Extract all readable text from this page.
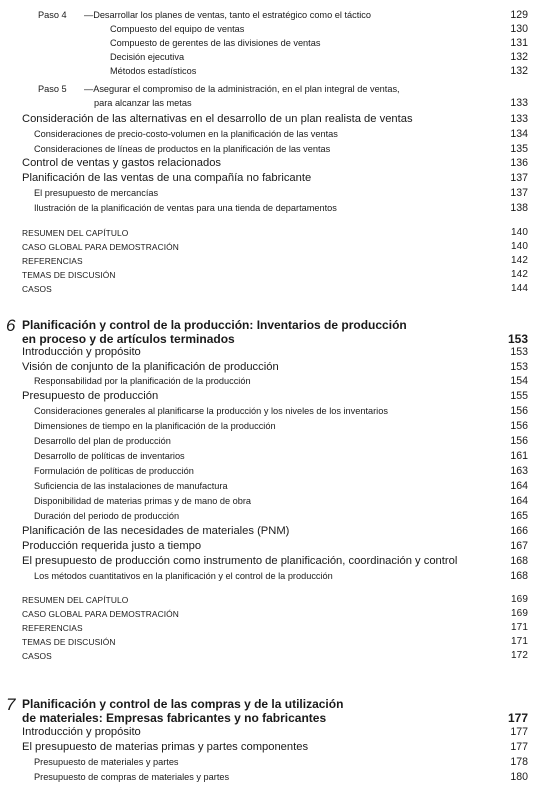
Paso 4 —Desarrollar los planes de ventas, tanto el estratégico como el táctico	129
Compuesto del equipo de ventas	130
Compuesto de gerentes de las divisiones de ventas	131
Decisión ejecutiva	132
Métodos estadísticos	132
Paso 5 —Asegurar el compromiso de la administración, en el plan integral de ventas,
para alcanzar las metas	133
Consideración de las alternativas en el desarrollo de un plan realista de ventas	133
Consideraciones de precio-costo-volumen en la planificación de las ventas	134
Consideraciones de líneas de productos en la planificación de las ventas	135
Control de ventas y gastos relacionados	136
Planificación de las ventas de una compañía no fabricante	137
El presupuesto de mercancías	137
Ilustración de la planificación de ventas para una tienda de departamentos	138
RESUMEN DEL CAPÍTULO	140
CASO GLOBAL PARA DEMOSTRACIÓN	140
REFERENCIAS	142
TEMAS DE DISCUSIÓN	142
CASOS	144
6 Planificación y control de la producción: Inventarios de producción
en proceso y de artículos terminados	153
Introducción y propósito	153
Visión de conjunto de la planificación de producción	153
Responsabilidad por la planificación de la producción	154
Presupuesto de producción	155
Consideraciones generales al planificarse la producción y los niveles de los inventarios	156
Dimensiones de tiempo en la planificación de la producción	156
Desarrollo del plan de producción	156
Desarrollo de políticas de inventarios	161
Formulación de políticas de producción	163
Suficiencia de las instalaciones de manufactura	164
Disponibilidad de materias primas y de mano de obra	164
Duración del periodo de producción	165
Planificación de las necesidades de materiales (PNM)	166
Producción requerida justo a tiempo	167
El presupuesto de producción como instrumento de planificación, coordinación y control	168
Los métodos cuantitativos en la planificación y el control de la producción	168
RESUMEN DEL CAPÍTULO	169
CASO GLOBAL PARA DEMOSTRACIÓN	169
REFERENCIAS	171
TEMAS DE DISCUSIÓN	171
CASOS	172
7 Planificación y control de las compras y de la utilización
de materiales: Empresas fabricantes y no fabricantes	177
Introducción y propósito	177
El presupuesto de materias primas y partes componentes	177
Presupuesto de materiales y partes	178
Presupuesto de compras de materiales y partes	180
